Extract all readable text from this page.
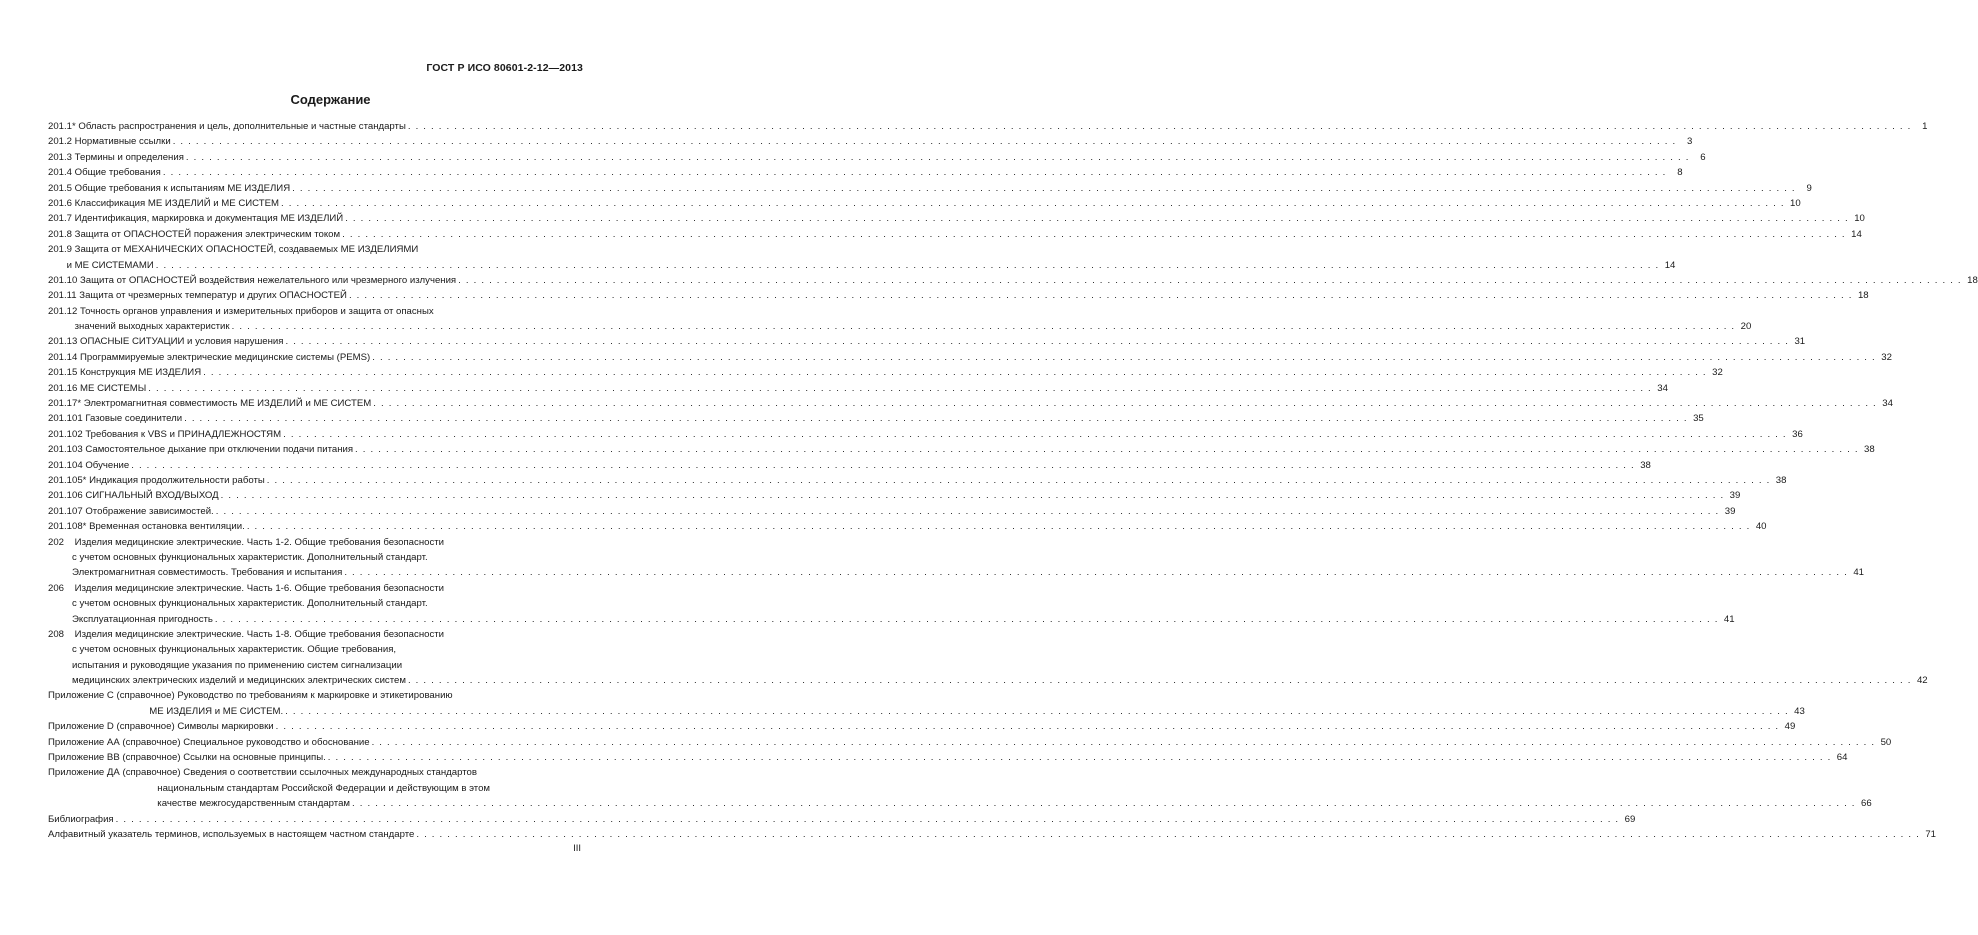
ГОСТ Р ИСО 80601-2-12—2013
Содержание
201.1* Область распространения и цель, дополнительные и частные стандарты . . .	1
201.2 Нормативные ссылки . . .	3
201.3 Термины и определения . . .	6
201.4 Общие требования . . .	8
201.5 Общие требования к испытаниям МЕ ИЗДЕЛИЯ . . .	9
201.6 Классификация МЕ ИЗДЕЛИЙ и МЕ СИСТЕМ . . .	10
201.7 Идентификация, маркировка и документация МЕ ИЗДЕЛИЙ . . .	10
201.8 Защита от ОПАСНОСТЕЙ поражения электрическим током . . .	14
201.9 Защита от МЕХАНИЧЕСКИХ ОПАСНОСТЕЙ, создаваемых МЕ ИЗДЕЛИЯМИ
и МЕ СИСТЕМАМИ . . .	14
201.10 Защита от ОПАСНОСТЕЙ воздействия нежелательного или чрезмерного излучения . . .	18
201.11 Защита от чрезмерных температур и других ОПАСНОСТЕЙ . . .	18
201.12 Точность органов управления и измерительных приборов и защита от опасных
значений выходных характеристик . . .	20
201.13 ОПАСНЫЕ СИТУАЦИИ и условия нарушения . . .	31
201.14 Программируемые электрические медицинские системы (PEMS) . . .	32
201.15 Конструкция МЕ ИЗДЕЛИЯ . . .	32
201.16 МЕ СИСТЕМЫ . . .	34
201.17* Электромагнитная совместимость МЕ ИЗДЕЛИЙ и МЕ СИСТЕМ . . .	34
201.101 Газовые соединители . . .	35
201.102 Требования к VBS и ПРИНАДЛЕЖНОСТЯМ . . .	36
201.103 Самостоятельное дыхание при отключении подачи питания . . .	38
201.104 Обучение . . .	38
201.105* Индикация продолжительности работы . . .	38
201.106 СИГНАЛЬНЫЙ ВХОД/ВЫХОД . . .	39
201.107 Отображение зависимостей. . . .	39
201.108* Временная остановка вентиляции. . . .	40
202    Изделия медицинские электрические. Часть 1-2. Общие требования безопасности
с учетом основных функциональных характеристик. Дополнительный стандарт.
Электромагнитная совместимость. Требования и испытания . . .	41
206    Изделия медицинские электрические. Часть 1-6. Общие требования безопасности
с учетом основных функциональных характеристик. Дополнительный стандарт.
Эксплуатационная пригодность . . .	41
208    Изделия медицинские электрические. Часть 1-8. Общие требования безопасности
с учетом основных функциональных характеристик. Общие требования,
испытания и руководящие указания по применению систем сигнализации
медицинских электрических изделий и медицинских электрических систем . . .	42
Приложение С (справочное) Руководство по требованиям к маркировке и этикетированию
МЕ ИЗДЕЛИЯ и МЕ СИСТЕМ. . . .	43
Приложение D (справочное) Символы маркировки . . .	49
Приложение АА (справочное) Специальное руководство и обоснование . . .	50
Приложение ВВ (справочное) Ссылки на основные принципы. . . .	64
Приложение ДА (справочное) Сведения о соответствии ссылочных международных стандартов
национальным стандартам Российской Федерации и действующим в этом
качестве межгосударственным стандартам . . .	66
Библиография . . .	69
Алфавитный указатель терминов, используемых в настоящем частном стандарте . . .	71
III
